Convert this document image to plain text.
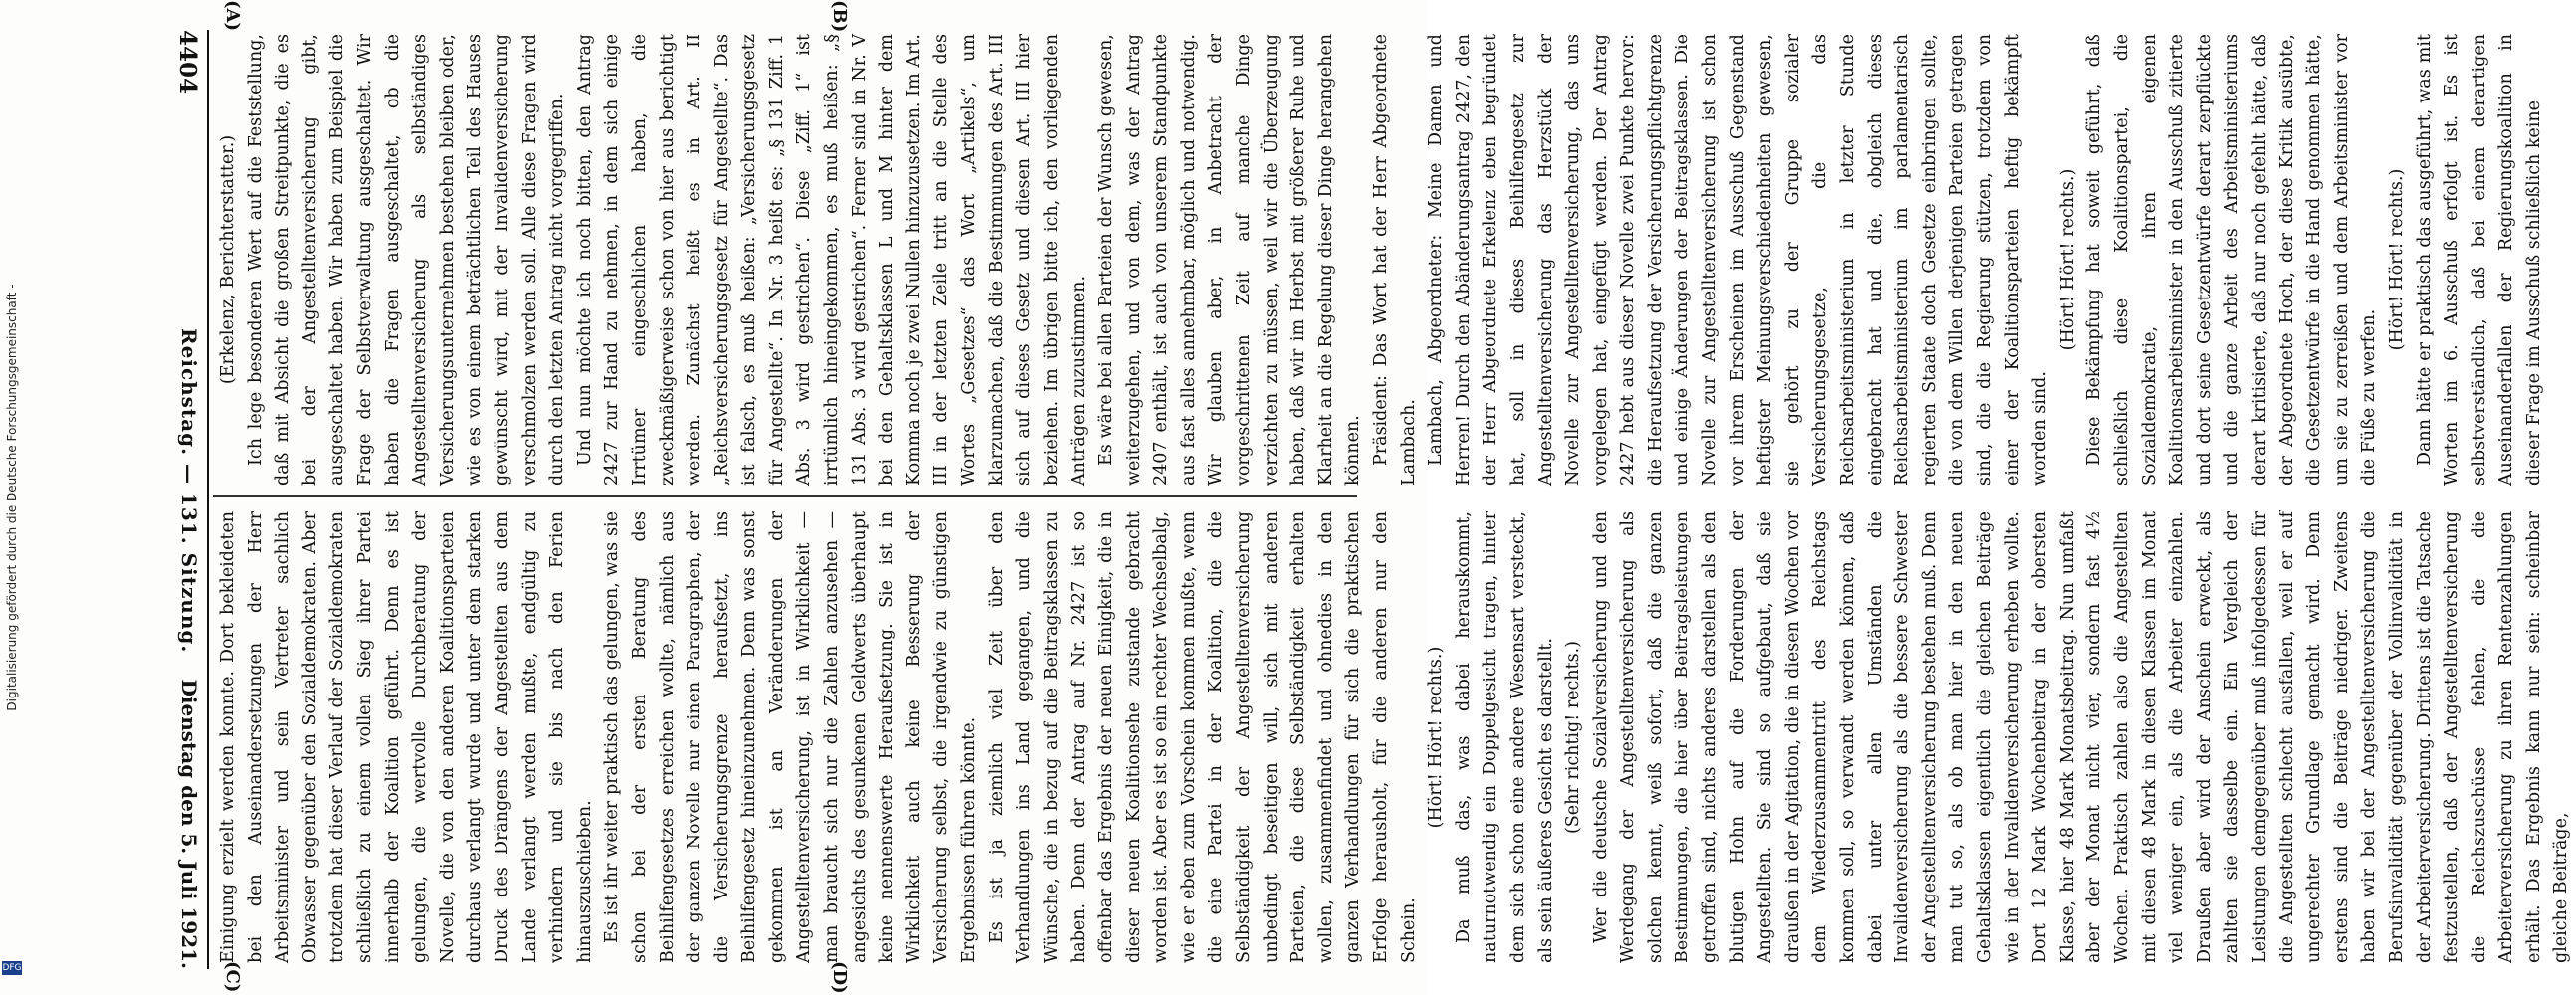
4404
Reichstag. — 131. Sitzung.
Dienstag den 5. Juli 1921.

(Erkelenz, Berichterstatter.) Ich lege besonderen Wert auf die Feststellung, daß mit Absicht die großen Streitpunkte, die es bei der Angestelltenversicherung gibt, ausgeschaltet haben. Wir haben zum Beispiel die Frage der Selbstverwaltung ausgeschaltet. Wir haben die Fragen ausgeschaltet, ob die Angestelltenversicherung als selbständiges Versicherungsunternehmen bestehen bleiben oder, wie es von einem beträchtlichen Teil des Hauses gewünscht wird, mit der Invalidenversicherung verschmolzen werden soll. Alle diese Fragen wird durch den letzten Antrag nicht vorgegriffen. Und nun möchte ich noch bitten, den Antrag 2427 zur Hand zu nehmen, in dem sich einige Irrtümer eingeschlichen haben, die zweckmäßigerweise schon von hier aus berichtigt werden. Zunächst heißt es in Art. II „Reichsversicherungsgesetz für Angestellte“. Das ist falsch, es muß heißen: „Versicherungsgesetz für Angestellte“. In Nr. 3 heißt es: „§ 131 Ziff. 1 Abs. 3 wird gestrichen“. Diese „Ziff. 1“ ist irrtümlich hineingekommen, es muß heißen: „§ 131 Abs. 3 wird gestrichen“. Ferner sind in Nr. V bei den Gehaltsklassen L und M hinter dem Komma noch je zwei Nullen hinzuzusetzen. Im Art. III in der letzten Zeile tritt an die Stelle des Wortes „Gesetzes“ das Wort „Artikels“, um klarzumachen, daß die Bestimmungen des Art. III sich auf dieses Gesetz und diesen Art. III hier beziehen. Im übrigen bitte ich, den vorliegenden Anträgen zuzustimmen. Es wäre bei allen Parteien der Wunsch gewesen, weiterzugehen, und von dem, was der Antrag 2407 enthält, ist auch von unserem Standpunkte aus fast alles annehmbar, möglich und notwendig. Wir glauben aber, in Anbetracht der vorgeschrittenen Zeit auf manche Dinge verzichten zu müssen, weil wir die Überzeugung haben, daß wir im Herbst mit größerer Ruhe und Klarheit an die Regelung dieser Dinge herangehen können. Präsident: Das Wort hat der Herr Abgeordnete Lambach. Lambach, Abgeordneter: Meine Damen und Herren! Durch den Abänderungsantrag 2427, den der Herr Abgeordnete Erkelenz eben begründet hat, soll in dieses Beihilfengesetz zur Angestelltenversicherung das Herzstück der Novelle zur Angestelltenversicherung, das uns vorgelegen hat, eingefügt werden. Der Antrag 2427 hebt aus dieser Novelle zwei Punkte hervor: die Heraufsetzung der Versicherungspflichtgrenze und einige Änderungen der Beitragsklassen. Die Novelle zur Angestelltenversicherung ist schon vor ihrem Erscheinen im Ausschuß Gegenstand heftigster Meinungsverschiedenheiten gewesen, sie gehört zu der Gruppe sozialer Versicherungsgesetze, die das Reichsarbeitsministerium in letzter Stunde eingebracht hat und die, obgleich dieses Reichsarbeitsministerium im parlamentarisch regierten Staate doch Gesetze einbringen sollte, die von dem Willen derjenigen Parteien getragen sind, die die Regierung stützen, trotzdem von einer der Koalitionsparteien heftig bekämpft worden sind.

(Hört! Hört! rechts.) Diese Bekämpfung hat soweit geführt, daß schließlich diese Koalitionspartei, die Sozialdemokratie, ihren eigenen Koalitionsarbeitsminister in den Ausschuß zitierte und dort seine Gesetzentwürfe derart zerpflückte und die ganze Arbeit des Arbeitsministeriums derart kritisierte, daß nur noch gefehlt hätte, daß der Abgeordnete Hoch, der diese Kritik ausübte, die Gesetzentwürfe in die Hand genommen hätte, um sie zu zerreißen und dem Arbeitsminister vor die Füße zu werfen.

(Hört! Hört! rechts.) Dann hätte er praktisch das ausgeführt, was mit Worten im 6. Ausschuß erfolgt ist. Es ist selbstverständlich, daß bei einem derartigen Auseinanderfallen der Regierungskoalition in dieser Frage im Ausschuß schließlich keine

Einigung erzielt werden konnte. Dort bekleideten bei den Auseinandersetzungen der Herr Arbeitsminister und sein Vertreter sachlich Obwasser gegenüber den Sozialdemokraten. Aber trotzdem hat dieser Verlauf der Sozialdemokraten schließlich zu einem vollen Sieg ihrer Partei innerhalb der Koalition geführt. Denn es ist gelungen, die wertvolle Durchberatung der Novelle, die von den anderen Koalitionsparteien durchaus verlangt wurde und unter dem starken Druck des Drängens der Angestellten aus dem Lande verlangt werden mußte, endgültig zu verhindern und sie bis nach den Ferien hinauszuschieben. Es ist ihr weiter praktisch das gelungen, was sie schon bei der ersten Beratung des Beihilfengesetzes erreichen wollte, nämlich aus der ganzen Novelle nur einen Paragraphen, der die Versicherungsgrenze heraufsetzt, ins Beihilfengesetz hineinzunehmen. Denn was sonst gekommen ist an Veränderungen der Angestelltenversicherung, ist in Wirklichkeit — man braucht sich nur die Zahlen anzusehen — angesichts des gesunkenen Geldwerts überhaupt keine nennenswerte Heraufsetzung. Sie ist in Wirklichkeit auch keine Besserung der Versicherung selbst, die irgendwie zu günstigen Ergebnissen führen könnte. Es ist ja ziemlich viel Zeit über den Verhandlungen ins Land gegangen, und die Wünsche, die in bezug auf die Beitragsklassen zu haben. Denn der Antrag auf Nr. 2427 ist so offenbar das Ergebnis der neuen Einigkeit, die in dieser neuen Koalitionsehe zustande gebracht worden ist. Aber es ist so ein rechter Wechselbalg, wie er eben zum Vorschein kommen mußte, wenn die eine Partei in der Koalition, die die Selbständigkeit der Angestelltenversicherung unbedingt beseitigen will, sich mit anderen Parteien, die diese Selbständigkeit erhalten wollen, zusammenfindet und ohnedies in den ganzen Verhandlungen für sich die praktischen Erfolge herausholt, für die anderen nur den Schein.

(Hört! Hört! rechts.) Da muß das, was dabei herauskommt, naturnotwendig ein Doppelgesicht tragen, hinter dem sich schon eine andere Wesensart versteckt, als sein äußeres Gesicht es darstellt. (Sehr richtig! rechts.) Wer die deutsche Sozialversicherung und den Werdegang der Angestelltenversicherung als solchen kennt, weiß sofort, daß die ganzen Bestimmungen, die hier über Beitragsleistungen getroffen sind, nichts anderes darstellen als den blutigen Hohn auf die Forderungen der Angestellten. Sie sind so aufgebaut, daß sie draußen in der Agitation, die in diesen Wochen vor dem Wiederzusammentritt des Reichstags kommen soll, so verwandt werden können, daß dabei unter allen Umständen die Invalidenversicherung als die bessere Schwester der Angestelltenversicherung bestehen muß. Denn man tut so, als ob man hier in den neuen Gehaltsklassen eigentlich die gleichen Beiträge wie in der Invalidenversicherung erheben wollte. Dort 12 Mark Wochenbeitrag in der obersten Klasse, hier 48 Mark Monatsbeitrag. Nun umfaßt aber der Monat nicht vier, sondern fast 4½ Wochen. Praktisch zahlen also die Angestellten mit diesen 48 Mark in diesen Klassen im Monat viel weniger ein, als die Arbeiter einzahlen. Draußen aber wird der Anschein erweckt, als zahlten sie dasselbe ein. Ein Vergleich der Leistungen demgegenüber muß infolgedessen für die Angestellten schlecht ausfallen, weil er auf ungerechter Grundlage gemacht wird. Denn erstens sind die Beiträge niedriger. Zweitens haben wir bei der Angestelltenversicherung die Berufsinvalidität gegenüber der Vollinvalidität in der Arbeiterversicherung. Drittens ist die Tatsache festzustellen, daß der Angestelltenversicherung die Reichszuschüsse fehlen, die die Arbeiterversicherung zu ihren Rentenzahlungen erhält. Das Ergebnis kann nur sein: scheinbar gleiche Beiträge,

(A)	(B)
(C)	(D)
Digitalisierung gefördert durch die Deutsche Forschungsgemeinschaft -
DFG
